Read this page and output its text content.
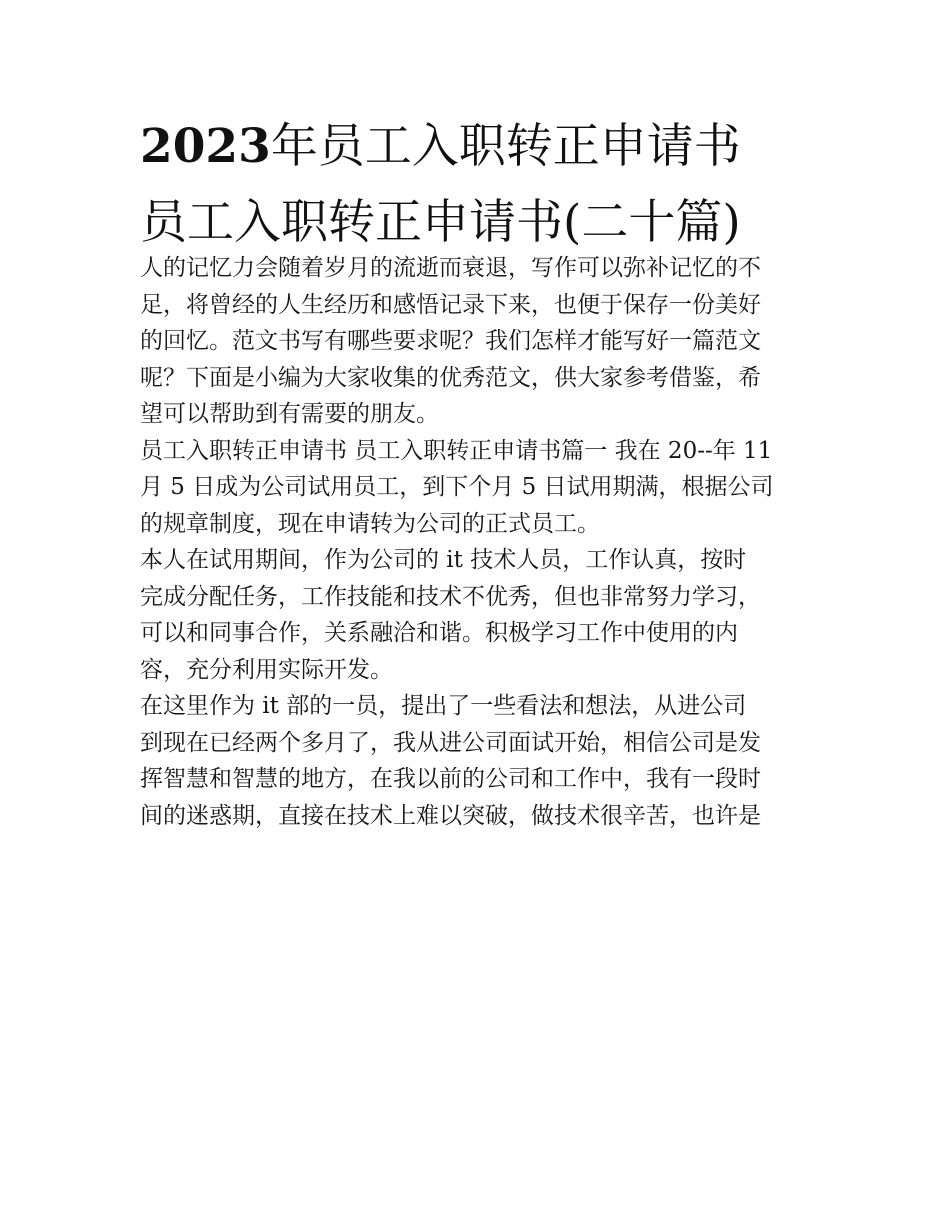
2023年员工入职转正申请书
员工入职转正申请书(二十篇)

人的记忆力会随着岁月的流逝而衰退，写作可以弥补记忆的不
足，将曾经的人生经历和感悟记录下来，也便于保存一份美好
的回忆。范文书写有哪些要求呢？我们怎样才能写好一篇范文
呢？下面是小编为大家收集的优秀范文，供大家参考借鉴，希
望可以帮助到有需要的朋友。

员工入职转正申请书 员工入职转正申请书篇一 我在 20--年 11
月 5 日成为公司试用员工，到下个月 5 日试用期满，根据公司
的规章制度，现在申请转为公司的正式员工。

本人在试用期间，作为公司的 it 技术人员，工作认真，按时
完成分配任务，工作技能和技术不优秀，但也非常努力学习，
可以和同事合作，关系融洽和谐。积极学习工作中使用的内
容，充分利用实际开发。

在这里作为 it 部的一员，提出了一些看法和想法，从进公司
到现在已经两个多月了，我从进公司面试开始，相信公司是发
挥智慧和智慧的地方，在我以前的公司和工作中，我有一段时
间的迷惑期，直接在技术上难以突破，做技术很辛苦，也许是
